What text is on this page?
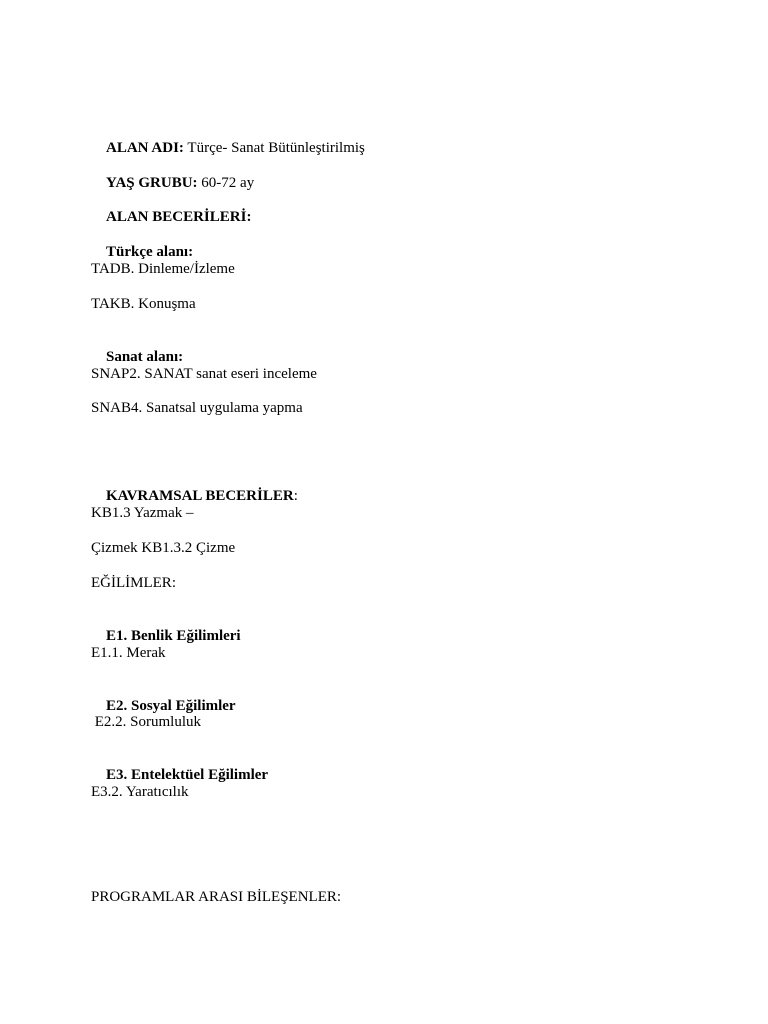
ALAN ADI: Türçe- Sanat Bütünleştirilmiş

YAŞ GRUBU: 60-72 ay

ALAN BECERİLERİ:

Türkçe alanı:

TADB. Dinleme/İzleme
TAKB. Konuşma

Sanat alanı:

SNAP2. SANAT sanat eseri inceleme
SNAB4. Sanatsal uygulama yapma

KAVRAMSAL BECERİLER:

KB1.3 Yazmak –
Çizmek KB1.3.2 Çizme
EĞİLİMLER:

E1. Benlik Eğilimleri

E1.1. Merak

E2. Sosyal Eğilimler

E2.2. Sorumluluk

E3. Entelektüel Eğilimler

E3.2. Yaratıcılık
PROGRAMLAR ARASI BİLEŞENLER:
